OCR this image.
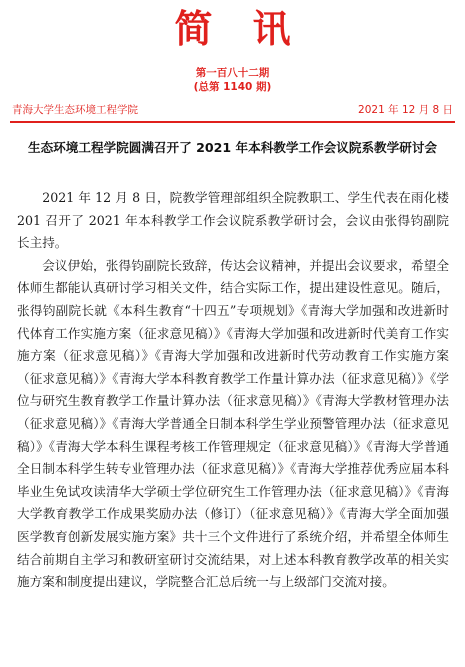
简讯
第一百八十二期
(总第 1140 期)
青海大学生态环境工程学院	2021 年 12 月 8 日
生态环境工程学院圆满召开了 2021 年本科教学工作会议院系教学研讨会

2021 年 12 月 8 日，院教学管理部组织全院教职工、学生代表在雨化楼 201 召开了 2021 年本科教学工作会议院系教学研讨会，会议由张得钧副院长主持。

会议伊始，张得钧副院长致辞，传达会议精神，并提出会议要求，希望全体师生都能认真研讨学习相关文件，结合实际工作，提出建设性意见。随后，张得钧副院长就《本科生教育“十四五”专项规划》《青海大学加强和改进新时代体育工作实施方案（征求意见稿）》《青海大学加强和改进新时代美育工作实施方案（征求意见稿）》《青海大学加强和改进新时代劳动教育工作实施方案（征求意见稿）》《青海大学本科教育教学工作量计算办法（征求意见稿）》《学位与研究生教育教学工作量计算办法（征求意见稿）》《青海大学教材管理办法（征求意见稿）》《青海大学普通全日制本科学生学业预警管理办法（征求意见稿）》《青海大学本科生课程考核工作管理规定（征求意见稿）》《青海大学普通全日制本科学生转专业管理办法（征求意见稿）》《青海大学推荐优秀应届本科毕业生免试攻读清华大学硕士学位研究生工作管理办法（征求意见稿）》《青海大学教育教学工作成果奖励办法（修订）（征求意见稿）》《青海大学全面加强医学教育创新发展实施方案》共十三个文件进行了系统介绍，并希望全体师生结合前期自主学习和教研室研讨交流结果，对上述本科教育教学改革的相关实施方案和制度提出建议，学院整合汇总后统一与上级部门交流对接。
